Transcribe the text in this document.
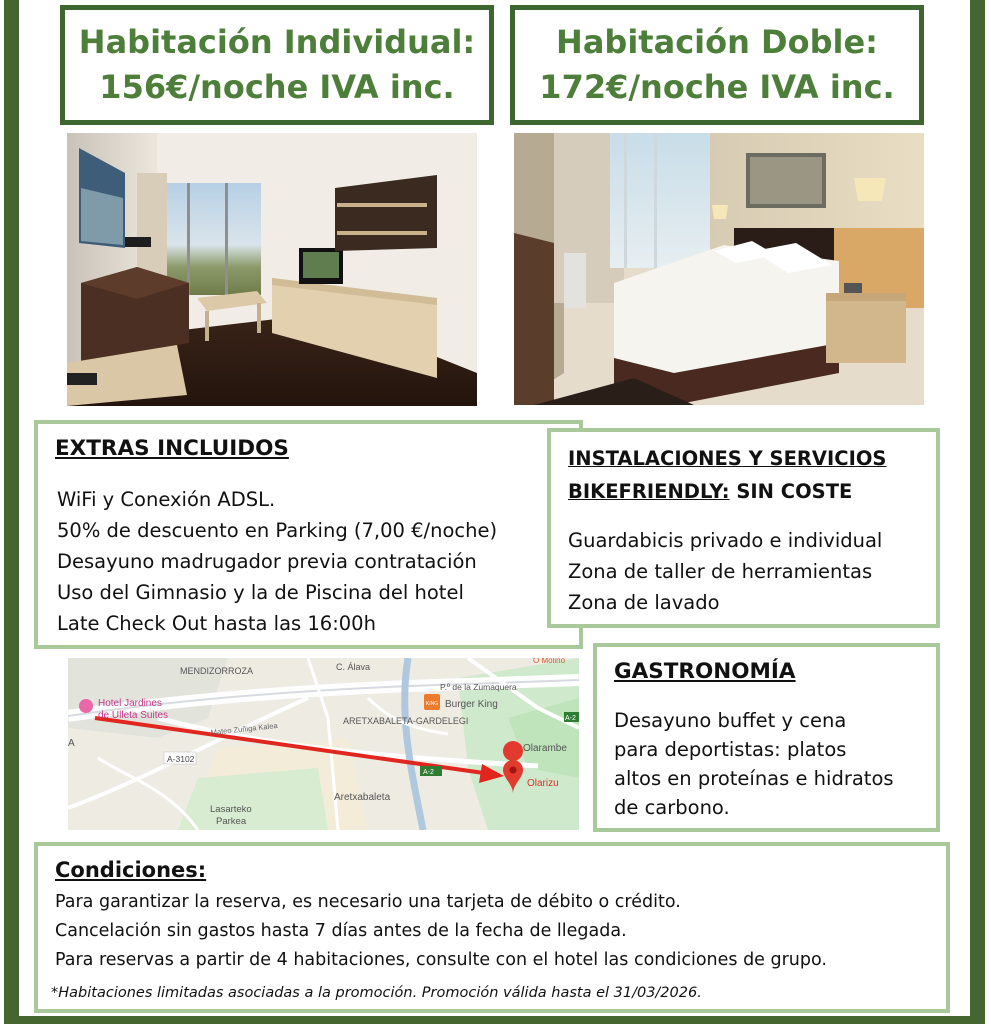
Habitación Individual:
156€/noche IVA inc.
Habitación Doble:
172€/noche IVA inc.
EXTRAS INCLUIDOS
WiFi y Conexión ADSL.
50% de descuento en Parking (7,00 €/noche)
Desayuno madrugador previa contratación
Uso del Gimnasio y la de Piscina del hotel
Late Check Out hasta las 16:00h
INSTALACIONES Y SERVICIOS
BIKEFRIENDLY: SIN COSTE
Guardabicis privado e individual
Zona de taller de herramientas
Zona de lavado
KING
MENDIZORROZA	C. Álava
P.º de la Zumaquera
O Molino
Hotel Jardines
de Ulleta Suites
Burger King
ARETXABALETA-GARDELEGI
Mateo Zuñiga Kalea
A
A-3102
Olarambe
Olarizu
Aretxabaleta
Lasarteko
Parkea
A-2
A-2
GASTRONOMÍA
Desayuno buffet y cena
para deportistas: platos
altos en proteínas e hidratos
de carbono.
Condiciones:
Para garantizar la reserva, es necesario una tarjeta de débito o crédito.
Cancelación sin gastos hasta 7 días antes de la fecha de llegada.
Para reservas a partir de 4 habitaciones, consulte con el hotel las condiciones de grupo.
*Habitaciones limitadas asociadas a la promoción. Promoción válida hasta el 31/03/2026.
